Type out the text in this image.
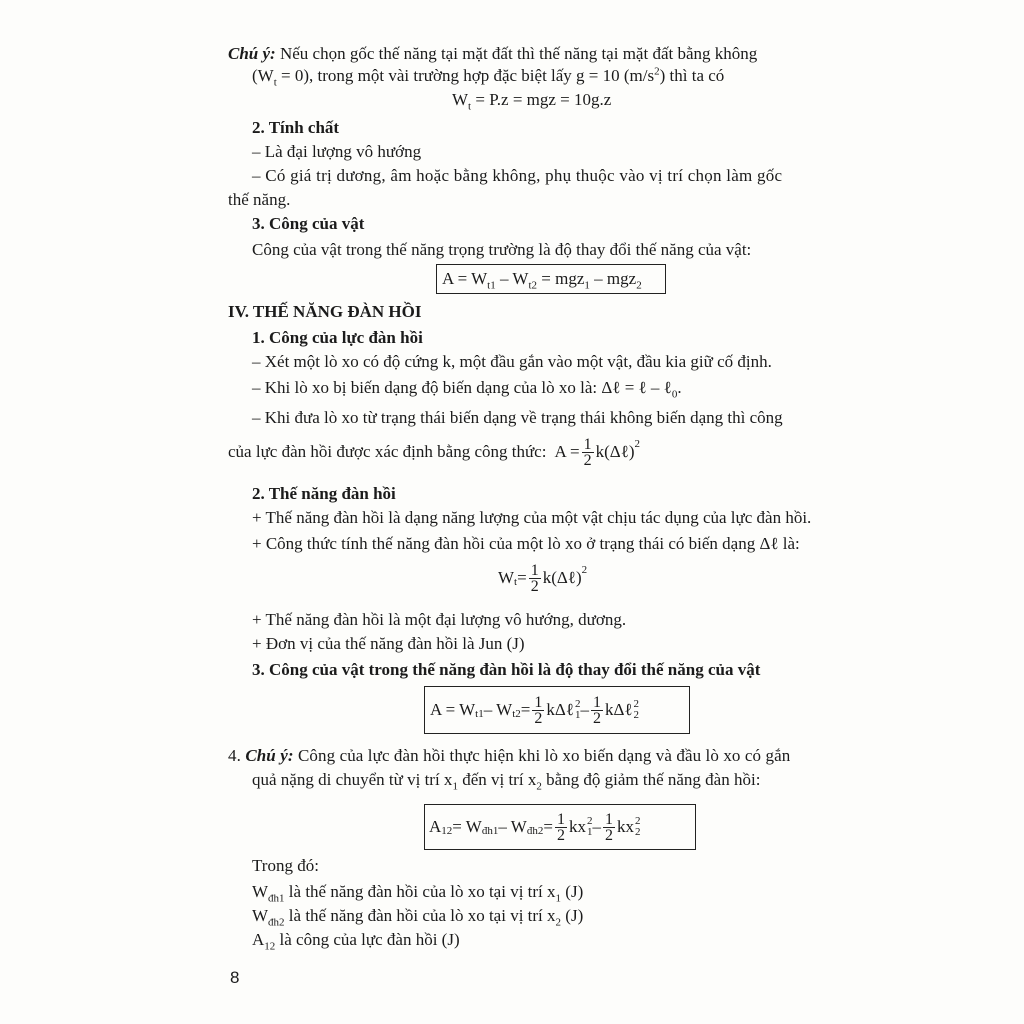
Chú ý: Nếu chọn gốc thế năng tại mặt đất thì thế năng tại mặt đất bằng không
$(W_t = 0)$, trong một vài trường hợp đặc biệt lấy g = 10 $(m/s^2)$ thì ta có
$W_t = P.z$ = mgz = 10g.z
2. Tính chất
– Là đại lượng vô hướng
– Có giá trị dương, âm hoặc bằng không, phụ thuộc vào vị trí chọn làm gốc
thế năng.
3. Công của vật
Công của vật trong thế năng trọng trường là độ thay đổi thế năng của vật:
$A = W_{t1} - W_{t2} = mgz_1 - mgz_2$
IV. THẾ NĂNG ĐÀN HỒI
1. Công của lực đàn hồi
– Xét một lò xo có độ cứng k, một đầu gắn vào một vật, đầu kia giữ cố định.
– Khi lò xo bị biến dạng độ biến dạng của lò xo là: Δℓ = ℓ – ℓ$_0$.
– Khi đưa lò xo từ trạng thái biến dạng về trạng thái không biến dạng thì công
của lực đàn hồi được xác định bằng công thức: $A = \frac{1}{2}$ k(Δℓ)$^2$
2. Thế năng đàn hồi
+ Thế năng đàn hồi là dạng năng lượng của một vật chịu tác dụng của lực đàn hồi.
+ Công thức tính thế năng đàn hồi của một lò xo ở trạng thái có biến dạng Δℓ là:
$W_t = \frac{1}{2}$ k(Δℓ)$^2$
+ Thế năng đàn hồi là một đại lượng vô hướng, dương.
+ Đơn vị của thế năng đàn hồi là Jun (J)
3. Công của vật trong thế năng đàn hồi là độ thay đổi thế năng của vật
$A = W_{t1} - W_{t2} = \frac{1}{2}$ kΔℓ 2
$1 - \frac{1}{2}$ kΔℓ 2
2
4. Chú ý: Công của lực đàn hồi thực hiện khi lò xo biến dạng và đầu lò xo có gắn
quả nặng di chuyển từ vị trí $x_1$ đến vị trí $x_2$ bằng độ giảm thế năng đàn hồi:
$A_{12} = W_{đh1} - W_{đh2} = \frac{1}{2}$ kx 2
$1 - \frac{1}{2}$ kx 2
2
Trong đó:
$W_{đh1}$ là thế năng đàn hồi của lò xo tại vị trí $x_1$ (J)
$W_{đh2}$ là thế năng đàn hồi của lò xo tại vị trí $x_2$ (J)
$A_{12}$ là công của lực đàn hồi (J)
8
